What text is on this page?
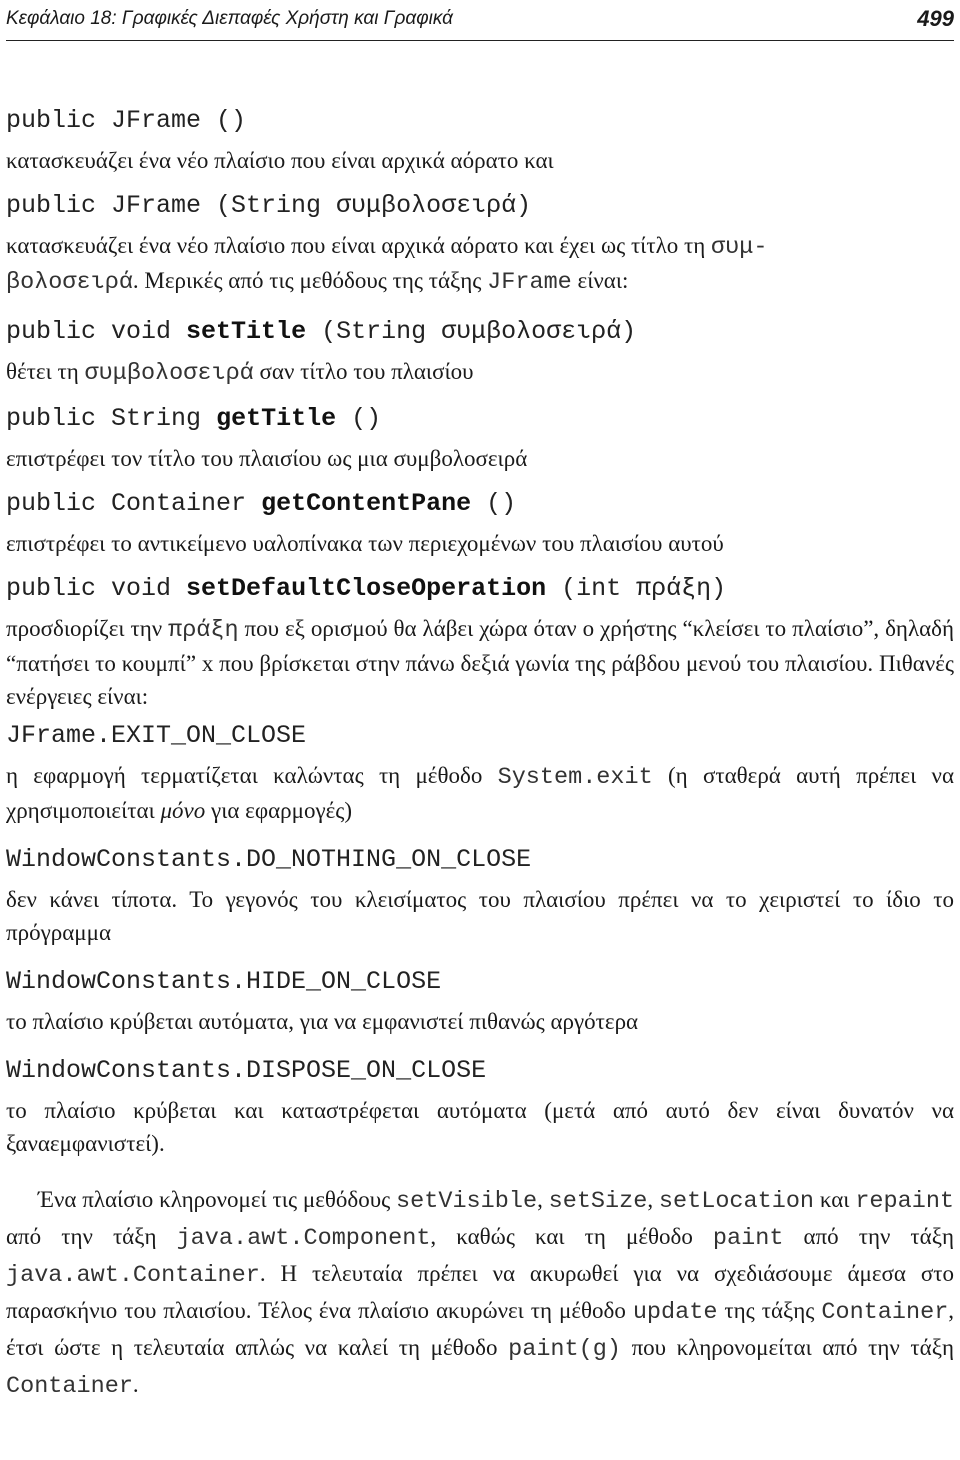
Κεφάλαιο 18: Γραφικές Διεπαφές Χρήστη και Γραφικά	499

public JFrame ()

κατασκευάζει ένα νέο πλαίσιο που είναι αρχικά αόρατο και

public JFrame (String συμβολοσειρά)

κατασκευάζει ένα νέο πλαίσιο που είναι αρχικά αόρατο και έχει ως τίτλο τη συμ-
βολοσειρά. Μερικές από τις μεθόδους της τάξης JFrame είναι:

public void setTitle (String συμβολοσειρά)

θέτει τη συμβολοσειρά σαν τίτλο του πλαισίου

public String getTitle ()

επιστρέφει τον τίτλο του πλαισίου ως μια συμβολοσειρά

public Container getContentPane ()

επιστρέφει το αντικείμενο υαλοπίνακα των περιεχομένων του πλαισίου αυτού

public void setDefaultCloseOperation (int πράξη)

προσδιορίζει την πράξη που εξ ορισμού θα λάβει χώρα όταν ο χρήστης “κλείσει το πλαίσιο”, δηλαδή “πατήσει το κουμπί” x που βρίσκεται στην πάνω δεξιά γωνία της ράβδου μενού του πλαισίου. Πιθανές ενέργειες είναι:

JFrame.EXIT_ON_CLOSE

η εφαρμογή τερματίζεται καλώντας τη μέθοδο System.exit (η σταθερά αυτή πρέπει να χρησιμοποιείται μόνο για εφαρμογές)

WindowConstants.DO_NOTHING_ON_CLOSE

δεν κάνει τίποτα. Το γεγονός του κλεισίματος του πλαισίου πρέπει να το χειριστεί το ίδιο το πρόγραμμα

WindowConstants.HIDE_ON_CLOSE

το πλαίσιο κρύβεται αυτόματα, για να εμφανιστεί πιθανώς αργότερα

WindowConstants.DISPOSE_ON_CLOSE

το πλαίσιο κρύβεται και καταστρέφεται αυτόματα (μετά από αυτό δεν είναι δυνατόν να ξαναεμφανιστεί).

Ένα πλαίσιο κληρονομεί τις μεθόδους setVisible, setSize, setLocation και repaint από την τάξη java.awt.Component, καθώς και τη μέθοδο paint από την τάξη java.awt.Container. Η τελευταία πρέπει να ακυρωθεί για να σχεδιάσουμε άμεσα στο παρασκήνιο του πλαισίου. Τέλος ένα πλαίσιο ακυρώνει τη μέθοδο update της τάξης Container, έτσι ώστε η τελευταία απλώς να καλεί τη μέθοδο paint(g) που κληρονομείται από την τάξη Container.
